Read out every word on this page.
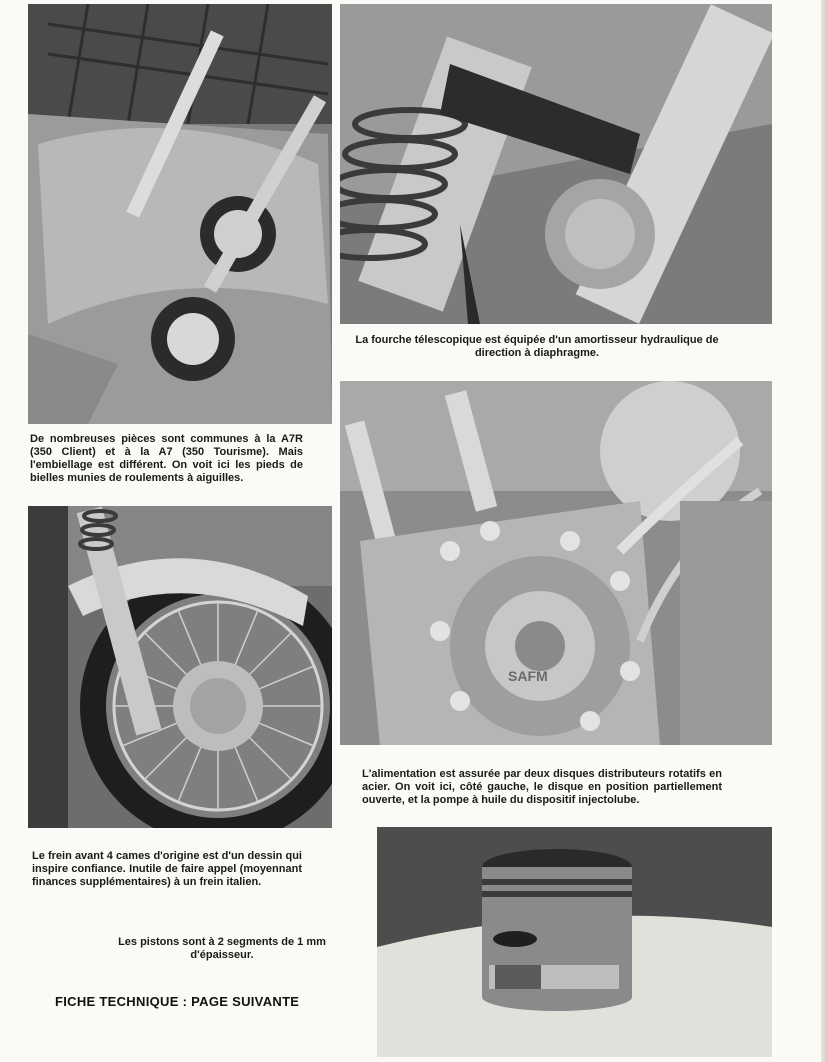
La fourche télescopique est équipée d'un amortisseur hydraulique de direction à diaphragme.
De nombreuses pièces sont communes à la A7R (350 Client) et à la A7 (350 Tourisme). Mais l'embiellage est différent. On voit ici les pieds de bielles munies de roulements à aiguilles.
SAFM
L'alimentation est assurée par deux disques distributeurs rotatifs en acier. On voit ici, côté gauche, le disque en position partiellement ouverte, et la pompe à huile du dispositif injectolube.
Le frein avant 4 cames d'origine est d'un dessin qui inspire confiance. Inutile de faire appel (moyennant finances supplémentaires) à un frein italien.
Les pistons sont à 2 segments de 1 mm d'épaisseur.
FICHE TECHNIQUE : PAGE SUIVANTE
